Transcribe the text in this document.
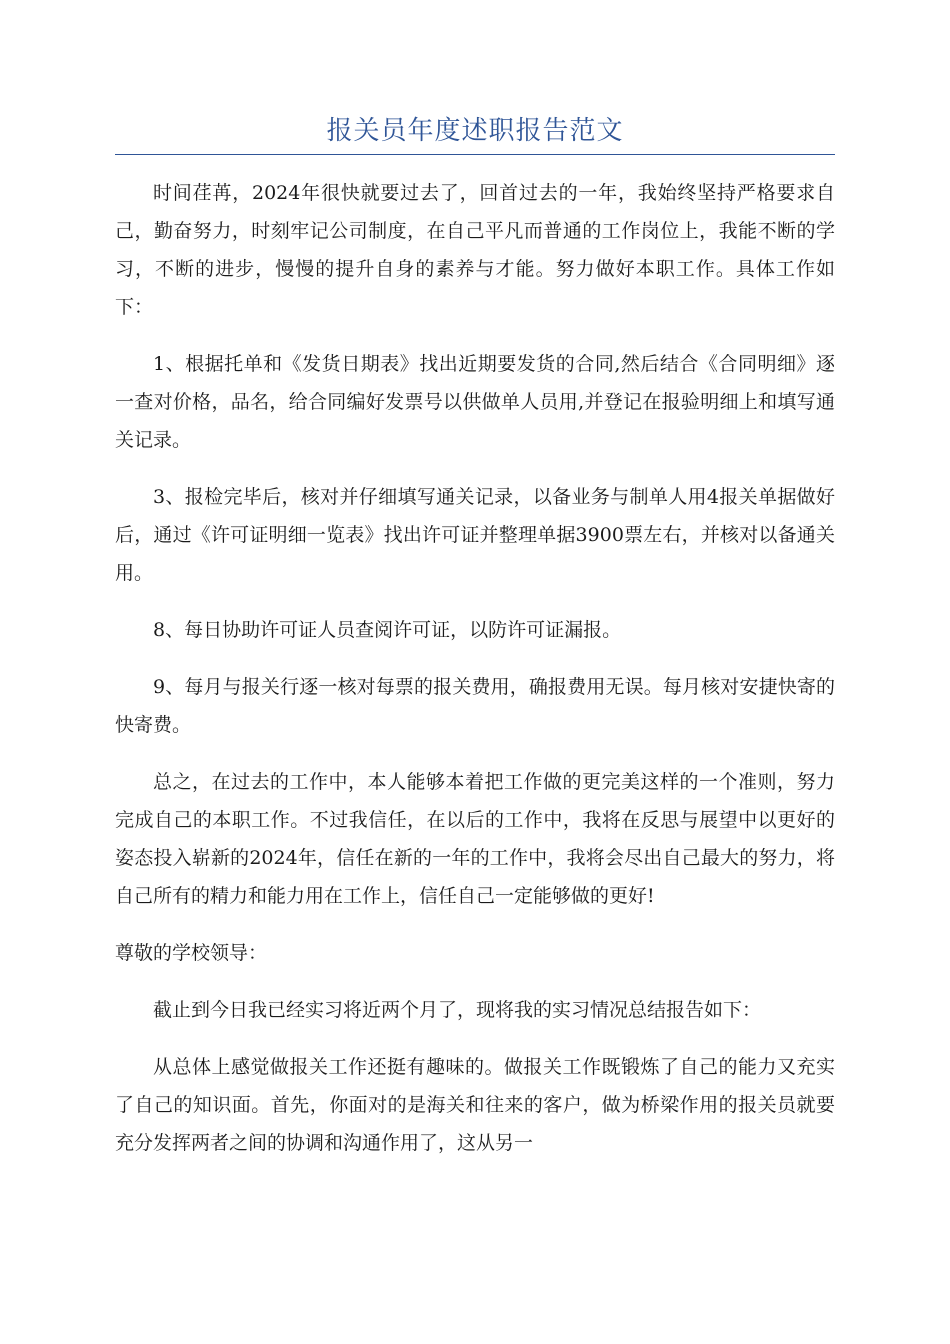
报关员年度述职报告范文

时间荏苒，2024年很快就要过去了，回首过去的一年，我始终坚持严格要求自己，勤奋努力，时刻牢记公司制度，在自己平凡而普通的工作岗位上，我能不断的学习，不断的进步，慢慢的提升自身的素养与才能。努力做好本职工作。具体工作如下：

1、根据托单和《发货日期表》找出近期要发货的合同,然后结合《合同明细》逐一查对价格，品名，给合同编好发票号以供做单人员用,并登记在报验明细上和填写通关记录。

3、报检完毕后，核对并仔细填写通关记录，以备业务与制单人用4报关单据做好后，通过《许可证明细一览表》找出许可证并整理单据3900票左右，并核对以备通关用。

8、每日协助许可证人员查阅许可证，以防许可证漏报。

9、每月与报关行逐一核对每票的报关费用，确报费用无误。每月核对安捷快寄的快寄费。

总之，在过去的工作中，本人能够本着把工作做的更完美这样的一个准则，努力完成自己的本职工作。不过我信任，在以后的工作中，我将在反思与展望中以更好的姿态投入崭新的2024年，信任在新的一年的工作中，我将会尽出自己最大的努力，将自己所有的精力和能力用在工作上，信任自己一定能够做的更好!

尊敬的学校领导：

截止到今日我已经实习将近两个月了，现将我的实习情况总结报告如下：

从总体上感觉做报关工作还挺有趣味的。做报关工作既锻炼了自己的能力又充实了自己的知识面。首先，你面对的是海关和往来的客户，做为桥梁作用的报关员就要充分发挥两者之间的协调和沟通作用了，这从另一
